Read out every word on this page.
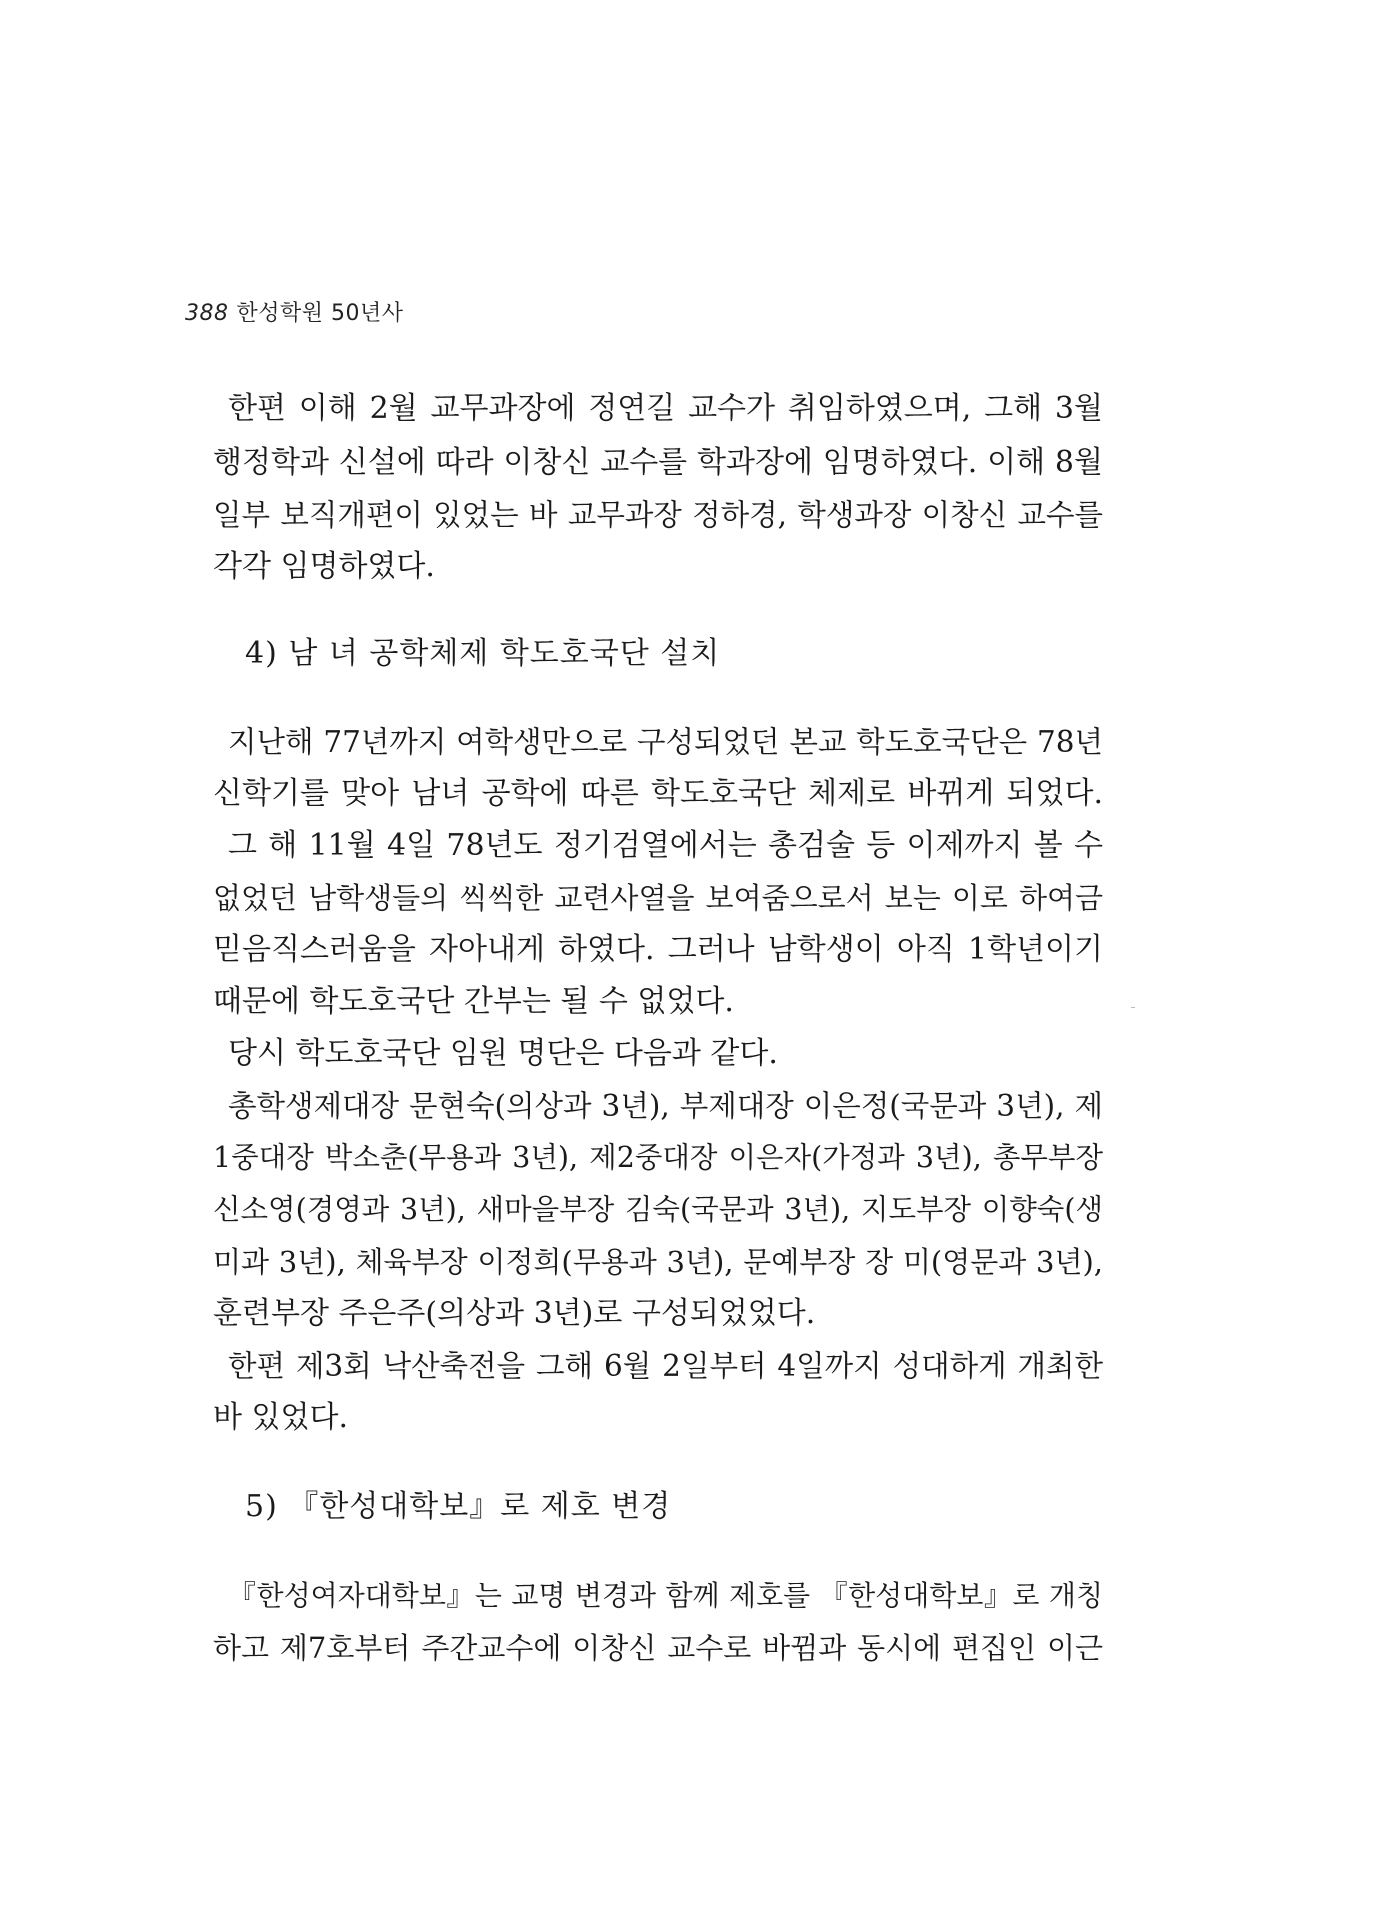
388 한성학원 50년사
한편 이해 2월 교무과장에 정연길 교수가 취임하였으며, 그해 3월
행정학과 신설에 따라 이창신 교수를 학과장에 임명하였다. 이해 8월
일부 보직개편이 있었는 바 교무과장 정하경, 학생과장 이창신 교수를
각각 임명하였다.
4) 남 녀 공학체제 학도호국단 설치
지난해 77년까지 여학생만으로 구성되었던 본교 학도호국단은 78년
신학기를 맞아 남녀 공학에 따른 학도호국단 체제로 바뀌게 되었다.
그 해 11월 4일 78년도 정기검열에서는 총검술 등 이제까지 볼 수
없었던 남학생들의 씩씩한 교련사열을 보여줌으로서 보는 이로 하여금
믿음직스러움을 자아내게 하였다. 그러나 남학생이 아직 1학년이기
때문에 학도호국단 간부는 될 수 없었다.
당시 학도호국단 임원 명단은 다음과 같다.
총학생제대장 문현숙(의상과 3년), 부제대장 이은정(국문과 3년), 제
1중대장 박소춘(무용과 3년), 제2중대장 이은자(가정과 3년), 총무부장
신소영(경영과 3년), 새마을부장 김숙(국문과 3년), 지도부장 이향숙(생
미과 3년), 체육부장 이정희(무용과 3년), 문예부장 장 미(영문과 3년),
훈련부장 주은주(의상과 3년)로 구성되었었다.
한편 제3회 낙산축전을 그해 6월 2일부터 4일까지 성대하게 개최한
바 있었다.
5) 『한성대학보』로 제호 변경
『한성여자대학보』는 교명 변경과 함께 제호를 『한성대학보』로 개칭
하고 제7호부터 주간교수에 이창신 교수로 바뀜과 동시에 편집인 이근
